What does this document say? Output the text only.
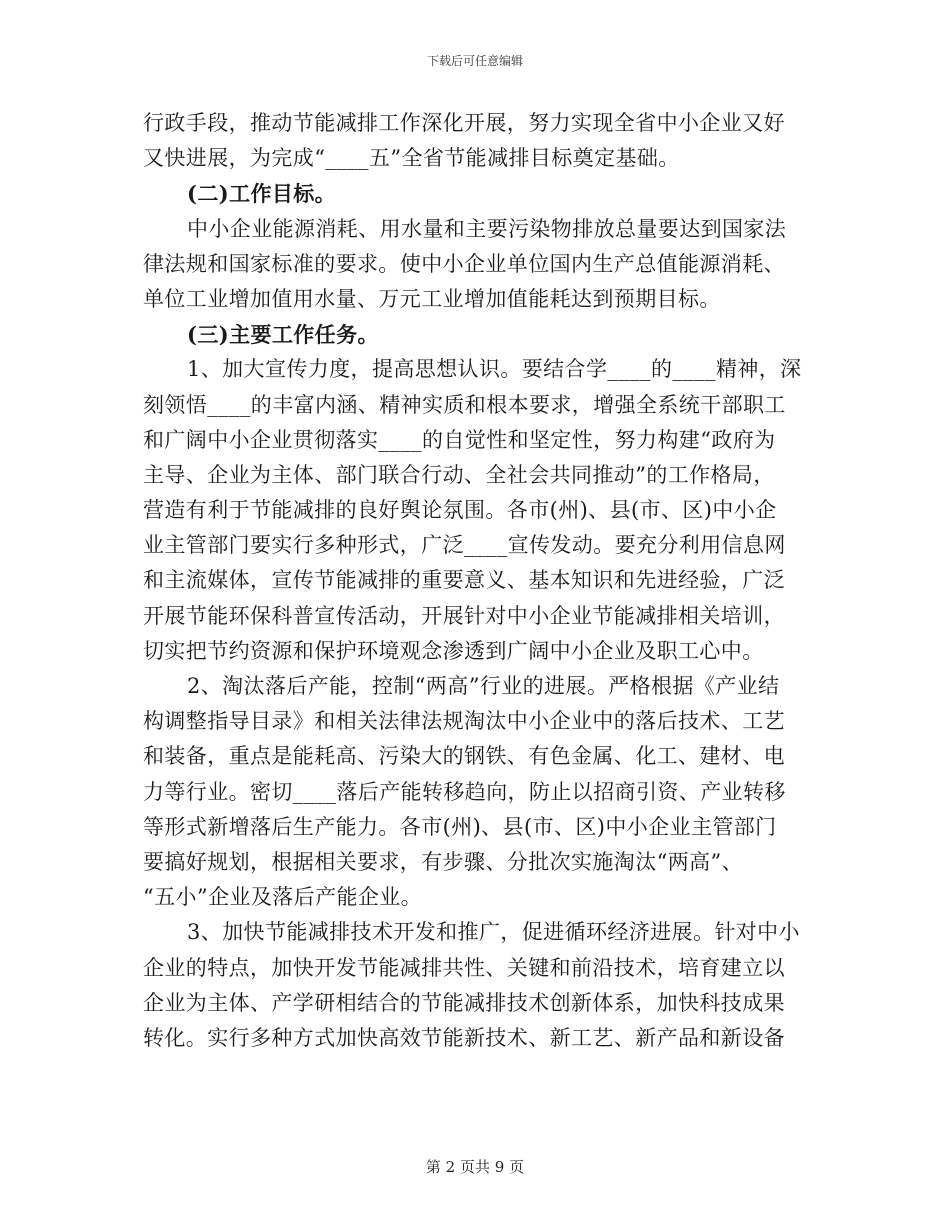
下载后可任意编辑
行政手段，推动节能减排工作深化开展，努力实现全省中小企业又好
又快进展，为完成“____五”全省节能减排目标奠定基础。
(二)工作目标。
中小企业能源消耗、用水量和主要污染物排放总量要达到国家法
律法规和国家标准的要求。使中小企业单位国内生产总值能源消耗、
单位工业增加值用水量、万元工业增加值能耗达到预期目标。
(三)主要工作任务。
1、加大宣传力度，提高思想认识。要结合学____的____精神，深
刻领悟____的丰富内涵、精神实质和根本要求，增强全系统干部职工
和广阔中小企业贯彻落实____的自觉性和坚定性，努力构建“政府为
主导、企业为主体、部门联合行动、全社会共同推动”的工作格局，
营造有利于节能减排的良好舆论氛围。各市(州)、县(市、区)中小企
业主管部门要实行多种形式，广泛____宣传发动。要充分利用信息网
和主流媒体，宣传节能减排的重要意义、基本知识和先进经验，广泛
开展节能环保科普宣传活动，开展针对中小企业节能减排相关培训，
切实把节约资源和保护环境观念渗透到广阔中小企业及职工心中。
2、淘汰落后产能，控制“两高”行业的进展。严格根据《产业结
构调整指导目录》和相关法律法规淘汰中小企业中的落后技术、工艺
和装备，重点是能耗高、污染大的钢铁、有色金属、化工、建材、电
力等行业。密切____落后产能转移趋向，防止以招商引资、产业转移
等形式新增落后生产能力。各市(州)、县(市、区)中小企业主管部门
要搞好规划，根据相关要求，有步骤、分批次实施淘汰“两高”、
“五小”企业及落后产能企业。
3、加快节能减排技术开发和推广，促进循环经济进展。针对中小
企业的特点，加快开发节能减排共性、关键和前沿技术，培育建立以
企业为主体、产学研相结合的节能减排技术创新体系，加快科技成果
转化。实行多种方式加快高效节能新技术、新工艺、新产品和新设备
第 2 页共 9 页
